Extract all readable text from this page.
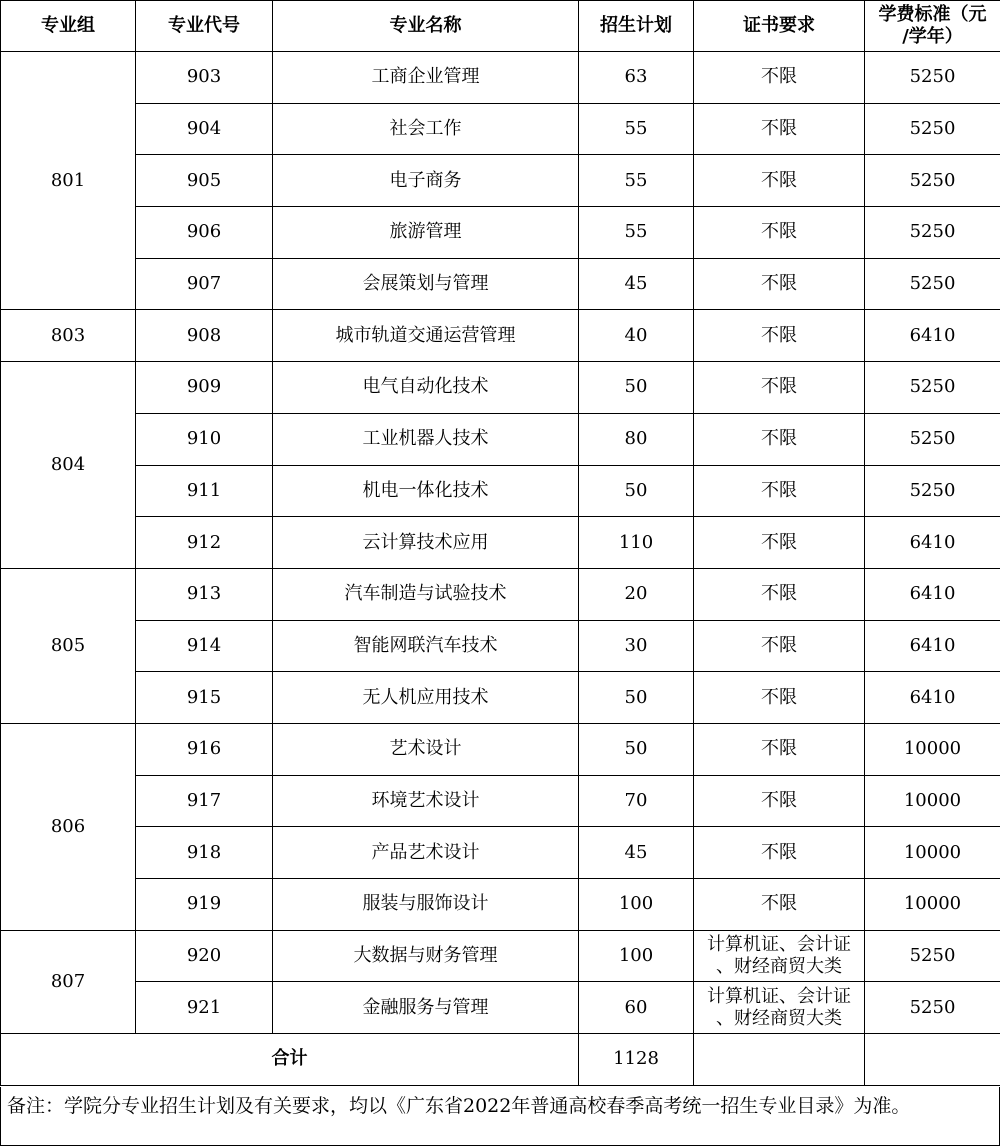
专业组	专业代号	专业名称	招生计划	证书要求	学费标准（元
/学年）

801	903	工商企业管理	63	不限	5250
	904	社会工作	55	不限	5250
	905	电子商务	55	不限	5250
	906	旅游管理	55	不限	5250
	907	会展策划与管理	45	不限	5250
803	908	城市轨道交通运营管理	40	不限	6410
804	909	电气自动化技术	50	不限	5250
	910	工业机器人技术	80	不限	5250
	911	机电一体化技术	50	不限	5250
	912	云计算技术应用	110	不限	6410
805	913	汽车制造与试验技术	20	不限	6410
	914	智能网联汽车技术	30	不限	6410
	915	无人机应用技术	50	不限	6410
806	916	艺术设计	50	不限	10000
	917	环境艺术设计	70	不限	10000
	918	产品艺术设计	45	不限	10000
	919	服装与服饰设计	100	不限	10000
807	920	大数据与财务管理	100	计算机证、会计证
、财经商贸大类	5250
	921	金融服务与管理	60	计算机证、会计证
、财经商贸大类	5250
合计			1128		
备注：学院分专业招生计划及有关要求，均以《广东省2022年普通高校春季高考统一招生专业目录》为准。
